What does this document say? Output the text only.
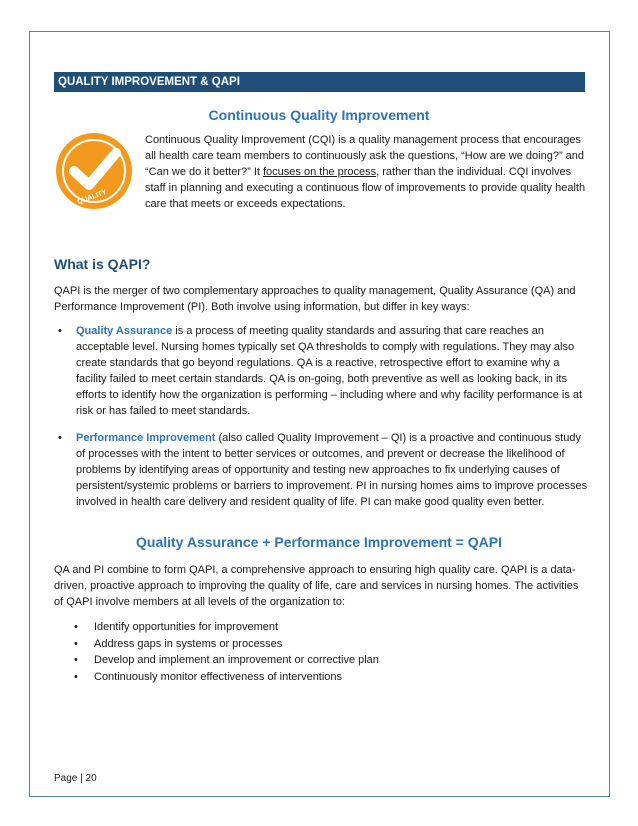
QUALITY IMPROVEMENT & QAPI
Continuous Quality Improvement
QUALITY
Continuous Quality Improvement (CQI) is a quality management process that encourages all health care team members to continuously ask the questions, “How are we doing?” and “Can we do it better?” It focuses on the process, rather than the individual. CQI involves staff in planning and executing a continuous flow of improvements to provide quality health care that meets or exceeds expectations.
What is QAPI?
QAPI is the merger of two complementary approaches to quality management, Quality Assurance (QA) and Performance Improvement (PI). Both involve using information, but differ in key ways:
• Quality Assurance is a process of meeting quality standards and assuring that care reaches an acceptable level. Nursing homes typically set QA thresholds to comply with regulations. They may also create standards that go beyond regulations. QA is a reactive, retrospective effort to examine why a facility failed to meet certain standards. QA is on-going, both preventive as well as looking back, in its efforts to identify how the organization is performing – including where and why facility performance is at risk or has failed to meet standards.
• Performance Improvement (also called Quality Improvement – QI) is a proactive and continuous study of processes with the intent to better services or outcomes, and prevent or decrease the likelihood of problems by identifying areas of opportunity and testing new approaches to fix underlying causes of persistent/systemic problems or barriers to improvement. PI in nursing homes aims to improve processes involved in health care delivery and resident quality of life. PI can make good quality even better.
Quality Assurance + Performance Improvement = QAPI
QA and PI combine to form QAPI, a comprehensive approach to ensuring high quality care. QAPI is a data-driven, proactive approach to improving the quality of life, care and services in nursing homes. The activities of QAPI involve members at all levels of the organization to:
• Identify opportunities for improvement
• Address gaps in systems or processes
• Develop and implement an improvement or corrective plan
• Continuously monitor effectiveness of interventions
Page | 20
